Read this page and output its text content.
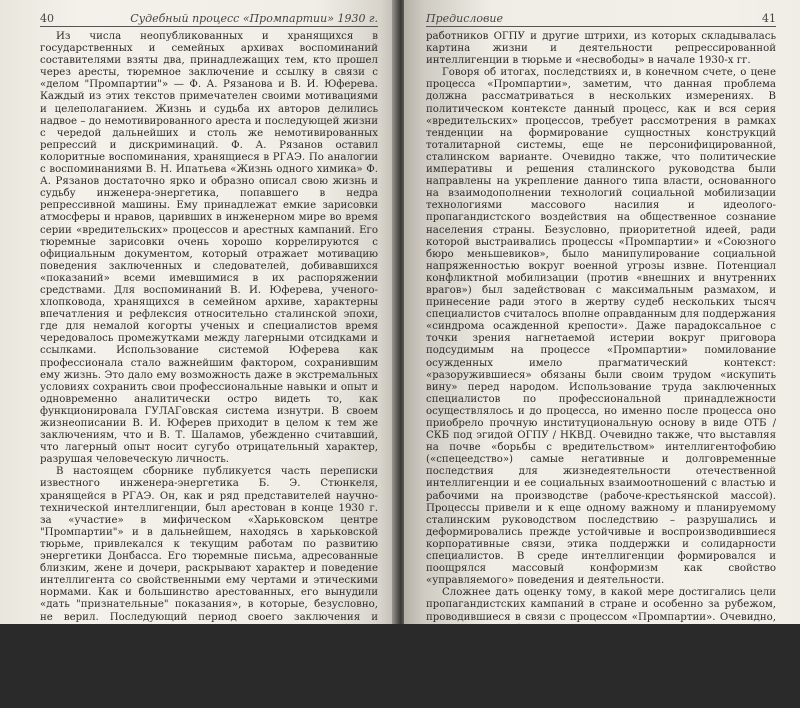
40	Судебный процесс «Промпартии» 1930 г.

Из числа неопубликованных и хранящихся в государственных и семейных архивах воспоминаний составителями взяты два, принадлежащих тем, кто прошел через аресты, тюремное заключение и ссылку в связи с «делом "Промпартии"» — Ф. А. Рязанова и В. И. Юферева. Каждый из этих текстов примечателен своими мотивациями и целеполаганием. Жизнь и судьба их авторов делились надвое – до немотивированного ареста и последующей жизни с чередой дальнейших и столь же немотивированных репрессий и дискриминаций. Ф. А. Рязанов оставил колоритные воспоминания, хранящиеся в РГАЭ. По аналогии с воспоминаниями В. Н. Ипатьева «Жизнь одного химика» Ф. А. Рязанов достаточно ярко и образно описал свою жизнь и судьбу инженера-энергетика, попавшего в недра репрессивной машины. Ему принадлежат емкие зарисовки атмосферы и нравов, царивших в инженерном мире во время серии «вредительских» процессов и арестных кампаний. Его тюремные зарисовки очень хорошо коррелируются с официальным документом, который отражает мотивацию поведения заключенных и следователей, добивавшихся «показаний» всеми имевшимися в их распоряжении средствами. Для воспоминаний В. И. Юферева, ученого-хлопковода, хранящихся в семейном архиве, характерны впечатления и рефлексия относительно сталинской эпохи, где для немалой когорты ученых и специалистов время чередовалось промежутками между лагерными отсидками и ссылками. Использование системой Юферева как профессионала стало важнейшим фактором, сохранившим ему жизнь. Это дало ему возможность даже в экстремальных условиях сохранить свои профессиональные навыки и опыт и одновременно аналитически остро видеть то, как функционировала ГУЛАГовская система изнутри. В своем жизнеописании В. И. Юферев приходит в целом к тем же заключениям, что и В. Т. Шаламов, убежденно считавший, что лагерный опыт носит сугубо отрицательный характер, разрушая человеческую личность.

В настоящем сборнике публикуется часть переписки известного инженера-энергетика Б. Э. Стюнкеля, хранящейся в РГАЭ. Он, как и ряд представителей научно-технической интеллигенции, был арестован в конце 1930 г. за «участие» в мифическом «Харьковском центре "Промпартии"» и в дальнейшем, находясь в харьковской тюрьме, привлекался к текущим работам по развитию энергетики Донбасса. Его тюремные письма, адресованные близким, жене и дочери, раскрывают характер и поведение интеллигента со свойственными ему чертами и этическими нормами. Как и большинство арестованных, его вынудили «дать "признательные" показания», в которые, безусловно, не верил. Последующий период своего заключения и профессиональную деятельность он воспринимал как бремя, которое следует нести, оставаясь верным своей профессии. В письмах Стюнкеля прослеживаются цензурные и самоцензурные ограничения, при этом в них содержится весьма ценная информация для понимания тех деталей, как режим работы и содержания заключенных специалистов, взаимоотношения последних с «хозяевами» из числа

Предисловие	41

работников ОГПУ и другие штрихи, из которых складывалась картина жизни и деятельности репрессированной интеллигенции в тюрьме и «несвободы» в начале 1930-х гг.

Говоря об итогах, последствиях и, в конечном счете, о цене процесса «Промпартии», заметим, что данная проблема должна рассматриваться в нескольких измерениях. В политическом контексте данный процесс, как и вся серия «вредительских» процессов, требует рассмотрения в рамках тенденции на формирование сущностных конструкций тоталитарной системы, еще не персонифицированной, сталинском варианте. Очевидно также, что политические императивы и решения сталинского руководства были направлены на укрепление данного типа власти, основанного на взаимодополнении технологий социальной мобилизации технологиями массового насилия и идеолого-пропагандистского воздействия на общественное сознание населения страны. Безусловно, приоритетной идеей, ради которой выстраивались процессы «Промпартии» и «Союзного бюро меньшевиков», было манипулирование социальной напряженностью вокруг военной угрозы извне. Потенциал конфликтной мобилизации (против «внешних и внутренних врагов») был задействован с максимальным размахом, и принесение ради этого в жертву судеб нескольких тысяч специалистов считалось вполне оправданным для поддержания «синдрома осажденной крепости». Даже парадоксальное с точки зрения нагнетаемой истерии вокруг приговора подсудимым на процессе «Промпартии» помилование осужденных имело прагматический контекст: «разоружившиеся» обязаны были своим трудом «искупить вину» перед народом. Использование труда заключенных специалистов по профессиональной принадлежности осуществлялось и до процесса, но именно после процесса оно приобрело прочную институциональную основу в виде ОТБ / СКБ под эгидой ОГПУ / НКВД. Очевидно также, что выставляя на почве «борьбы с вредительством» интеллигентофобию («спецеедство») самые негативные и долговременные последствия для жизнедеятельности отечественной интеллигенции и ее социальных взаимоотношений с властью и рабочими на производстве (рабоче-крестьянской массой). Процессы привели и к еще одному важному и планируемому сталинским руководством последствию – разрушались и деформировались прежде устойчивые и воспроизводившиеся корпоративные связи, этика поддержки и солидарности специалистов. В среде интеллигенции формировался и поощрялся массовый конформизм как свойство «управляемого» поведения и деятельности.

Сложнее дать оценку тому, в какой мере достигались цели пропагандистских кампаний в стране и особенно за рубежом, проводившиеся в связи с процессом «Промпартии». Очевидно, что здесь были задействованы ресурсы, намного превосходившие те, что были задействованы в ходе Шахтинского процесса. Между тем документы и материалы свидетельствуют о несовпадении ожиданий организаторов контрпропаганды на зарубежные, прежде всего европейские, страны и реальных результ
